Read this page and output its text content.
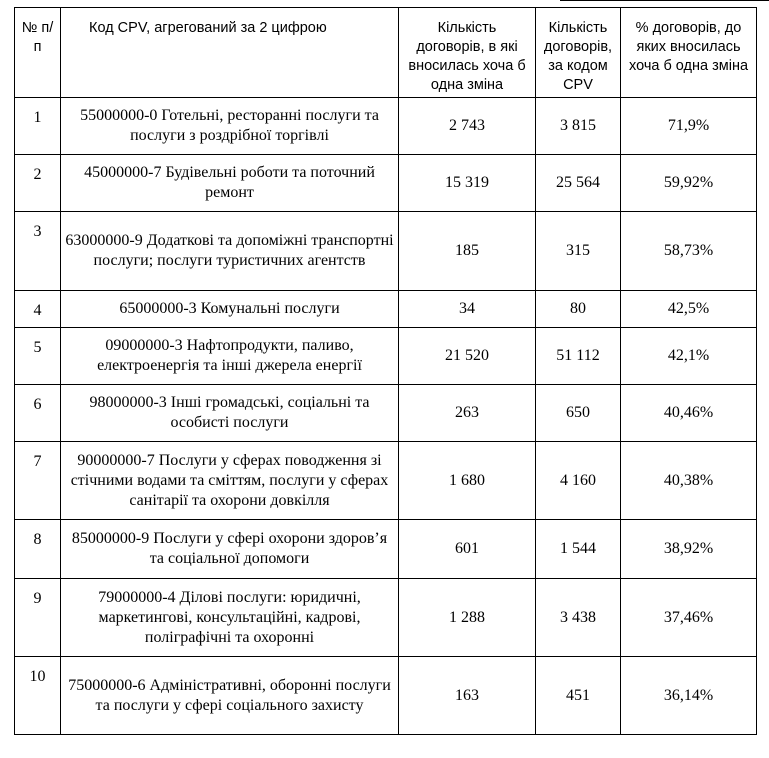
№ п/п	Код CPV, агрегований за 2 цифрою	Кількість договорів, в які вносилась хоча б одна зміна	Кількість договорів, за кодом CPV	% договорів, до яких вносилась хоча б одна зміна
1	55000000-0 Готельні, ресторанні послуги та послуги з роздрібної торгівлі	2 743	3 815	71,9%
2	45000000-7 Будівельні роботи та поточний ремонт	15 319	25 564	59,92%
3	63000000-9 Додаткові та допоміжні транспортні послуги; послуги туристичних агентств	185	315	58,73%
4	65000000-3 Комунальні послуги	34	80	42,5%
5	09000000-3 Нафтопродукти, паливо, електроенергія та інші джерела енергії	21 520	51 112	42,1%
6	98000000-3 Інші громадські, соціальні та особисті послуги	263	650	40,46%
7	90000000-7 Послуги у сферах поводження зі стічними водами та сміттям, послуги у сферах санітарії та охорони довкілля	1 680	4 160	40,38%
8	85000000-9 Послуги у сфері охорони здоров’я та соціальної допомоги	601	1 544	38,92%
9	79000000-4 Ділові послуги: юридичні, маркетингові, консультаційні, кадрові, поліграфічні та охоронні	1 288	3 438	37,46%
10	75000000-6 Адміністративні, оборонні послуги та послуги у сфері соціального захисту	163	451	36,14%
